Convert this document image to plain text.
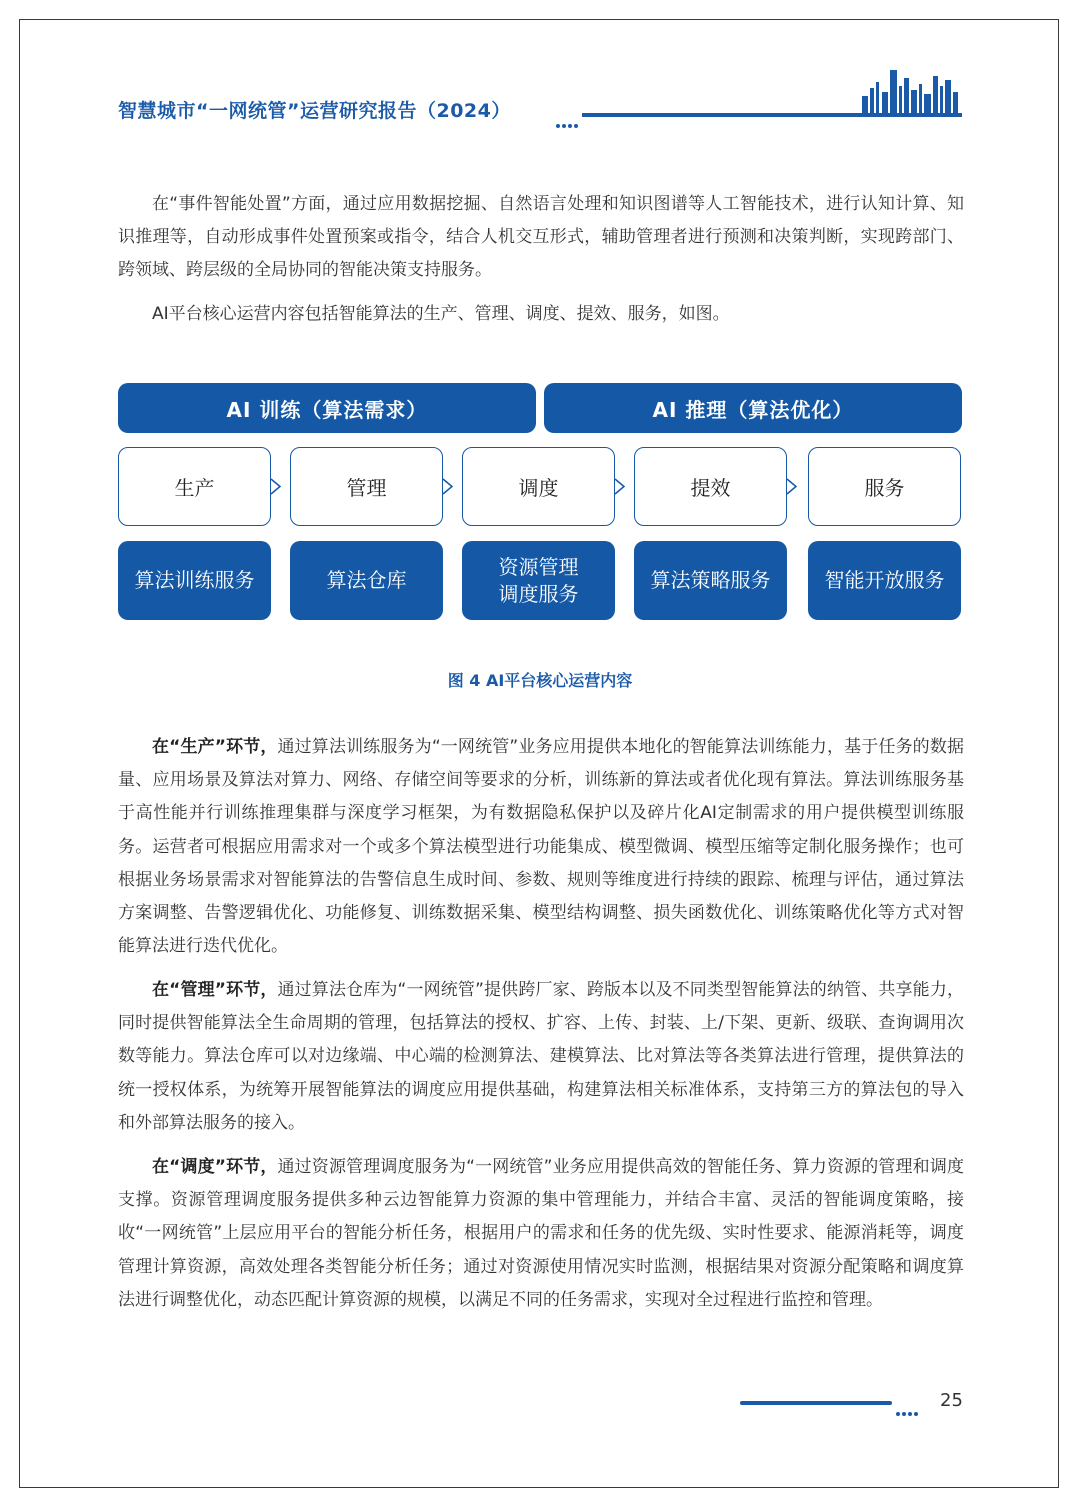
智慧城市“一网统管”运营研究报告（2024）

在“事件智能处置”方面，通过应用数据挖掘、自然语言处理和知识图谱等人工智能技术，进行认知计算、知识推理等，自动形成事件处置预案或指令，结合人机交互形式，辅助管理者进行预测和决策判断，实现跨部门、跨领域、跨层级的全局协同的智能决策支持服务。

AI平台核心运营内容包括智能算法的生产、管理、调度、提效、服务，如图。

AI 训练（算法需求）	AI 推理（算法优化）
生产	管理	调度	提效	服务
算法训练服务	算法仓库
资源管理
调度服务
算法策略服务	智能开放服务
图 4 AI平台核心运营内容

在“生产”环节，通过算法训练服务为“一网统管”业务应用提供本地化的智能算法训练能力，基于任务的数据量、应用场景及算法对算力、网络、存储空间等要求的分析，训练新的算法或者优化现有算法。算法训练服务基于高性能并行训练推理集群与深度学习框架，为有数据隐私保护以及碎片化AI定制需求的用户提供模型训练服务。运营者可根据应用需求对一个或多个算法模型进行功能集成、模型微调、模型压缩等定制化服务操作；也可根据业务场景需求对智能算法的告警信息生成时间、参数、规则等维度进行持续的跟踪、梳理与评估，通过算法方案调整、告警逻辑优化、功能修复、训练数据采集、模型结构调整、损失函数优化、训练策略优化等方式对智能算法进行迭代优化。

在“管理”环节，通过算法仓库为“一网统管”提供跨厂家、跨版本以及不同类型智能算法的纳管、共享能力，同时提供智能算法全生命周期的管理，包括算法的授权、扩容、上传、封装、上/下架、更新、级联、查询调用次数等能力。算法仓库可以对边缘端、中心端的检测算法、建模算法、比对算法等各类算法进行管理，提供算法的统一授权体系，为统筹开展智能算法的调度应用提供基础，构建算法相关标准体系，支持第三方的算法包的导入和外部算法服务的接入。

在“调度”环节，通过资源管理调度服务为“一网统管”业务应用提供高效的智能任务、算力资源的管理和调度支撑。资源管理调度服务提供多种云边智能算力资源的集中管理能力，并结合丰富、灵活的智能调度策略，接收“一网统管”上层应用平台的智能分析任务，根据用户的需求和任务的优先级、实时性要求、能源消耗等，调度管理计算资源，高效处理各类智能分析任务；通过对资源使用情况实时监测，根据结果对资源分配策略和调度算法进行调整优化，动态匹配计算资源的规模，以满足不同的任务需求，实现对全过程进行监控和管理。

25
